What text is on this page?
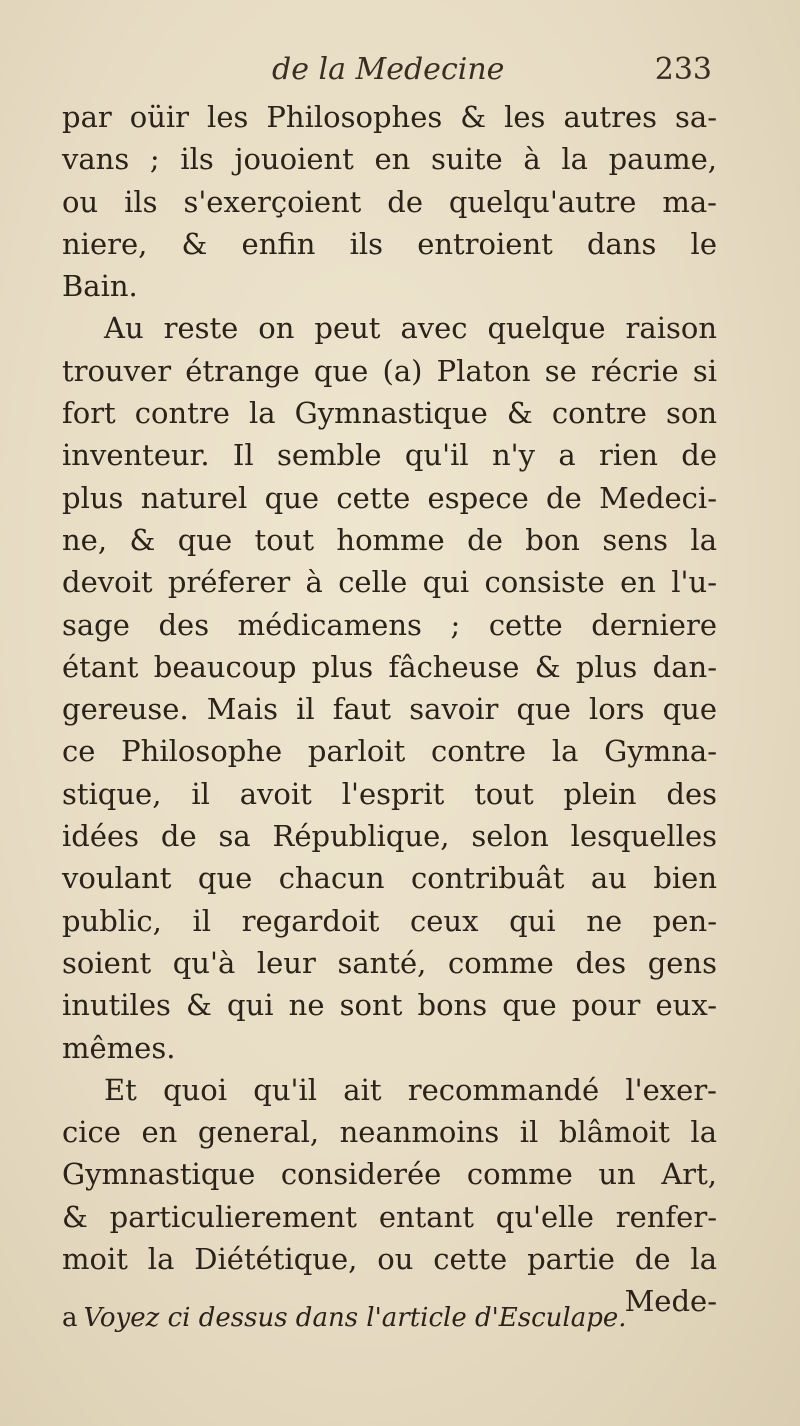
de la Medecine	233
par oüir les Philosophes & les autres sa-
vans ; ils jouoient en suite à la paume,
ou ils s'exerçoient de quelqu'autre ma-
niere, & enfin ils entroient dans le
Bain.
Au reste on peut avec quelque raison
trouver étrange que (a) Platon se récrie si
fort contre la Gymnastique & contre son
inventeur. Il semble qu'il n'y a rien de
plus naturel que cette espece de Medeci-
ne, & que tout homme de bon sens la
devoit préferer à celle qui consiste en l'u-
sage des médicamens ; cette derniere
étant beaucoup plus fâcheuse & plus dan-
gereuse. Mais il faut savoir que lors que
ce Philosophe parloit contre la Gymna-
stique, il avoit l'esprit tout plein des
idées de sa République, selon lesquelles
voulant que chacun contribuât au bien
public, il regardoit ceux qui ne pen-
soient qu'à leur santé, comme des gens
inutiles & qui ne sont bons que pour eux-
mêmes.
Et quoi qu'il ait recommandé l'exer-
cice en general, neanmoins il blâmoit la
Gymnastique considerée comme un Art,
& particulierement entant qu'elle renfer-
moit la Diététique, ou cette partie de la
Mede-
a Voyez ci dessus dans l'article d'Esculape.
